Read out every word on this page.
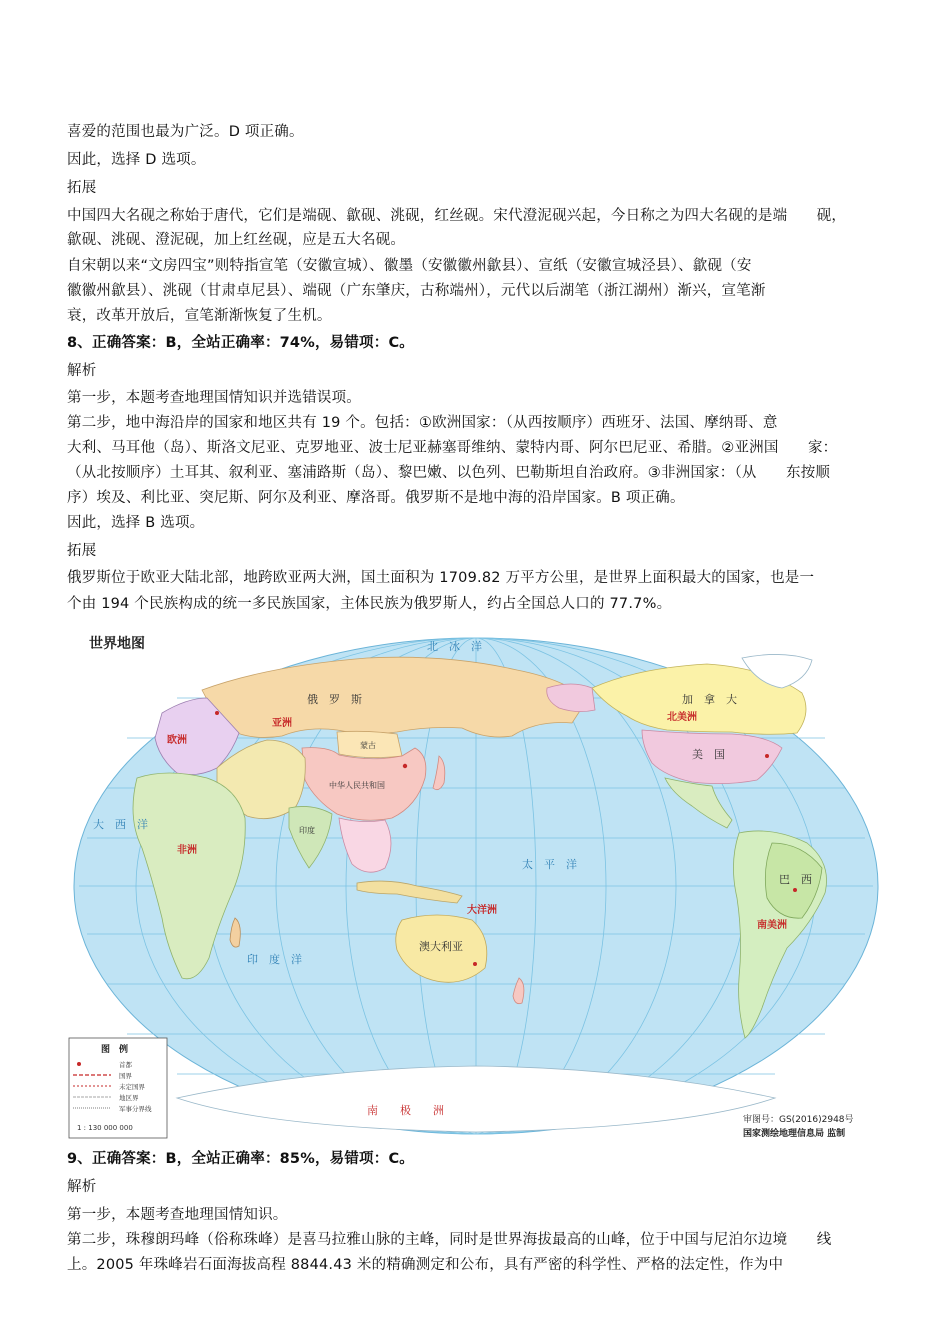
喜爱的范围也最为广泛。D 项正确。
因此，选择 D 选项。
拓展
中国四大名砚之称始于唐代，它们是端砚、歙砚、洮砚，红丝砚。宋代澄泥砚兴起，今日称之为四大名砚的是端　　砚，
歙砚、洮砚、澄泥砚，加上红丝砚，应是五大名砚。
自宋朝以来“文房四宝”则特指宣笔（安徽宣城）、徽墨（安徽徽州歙县）、宣纸（安徽宣城泾县）、歙砚（安
徽徽州歙县）、洮砚（甘肃卓尼县）、端砚（广东肇庆，古称端州），元代以后湖笔（浙江湖州）渐兴，宣笔渐
衰，改革开放后，宣笔渐渐恢复了生机。
8、正确答案：B，全站正确率：74%，易错项：C。
解析
第一步，本题考查地理国情知识并选错误项。
第二步，地中海沿岸的国家和地区共有 19 个。包括：①欧洲国家：（从西按顺序）西班牙、法国、摩纳哥、意
大利、马耳他（岛）、斯洛文尼亚、克罗地亚、波士尼亚赫塞哥维纳、蒙特内哥、阿尔巴尼亚、希腊。②亚洲国　　家：
（从北按顺序）土耳其、叙利亚、塞浦路斯（岛）、黎巴嫩、以色列、巴勒斯坦自治政府。③非洲国家：（从　　东按顺
序）埃及、利比亚、突尼斯、阿尔及利亚、摩洛哥。俄罗斯不是地中海的沿岸国家。B 项正确。
因此，选择 B 选项。
拓展
俄罗斯位于欧亚大陆北部，地跨欧亚两大洲，国土面积为 1709.82 万平方公里，是世界上面积最大的国家，也是一
个由 194 个民族构成的统一多民族国家，主体民族为俄罗斯人，约占全国总人口的 77.7%。
世界地图
俄　罗　斯
蒙古
中华人民共和国
印度
加　拿　大
美　国
巴　西
澳大利亚
南　　极　　洲
北　冰　洋
太　平　洋
大　西　洋
印　度　洋
亚洲
欧洲
非洲
北美洲
南美洲
大洋洲
图　例
首都
国界
未定国界
地区界
军事分界线
1 : 130 000 000
审图号：GS(2016)2948号
国家测绘地理信息局 监制
9、正确答案：B，全站正确率：85%，易错项：C。
解析
第一步，本题考查地理国情知识。
第二步，珠穆朗玛峰（俗称珠峰）是喜马拉雅山脉的主峰，同时是世界海拔最高的山峰，位于中国与尼泊尔边境　　线
上。2005 年珠峰岩石面海拔高程 8844.43 米的精确测定和公布，具有严密的科学性、严格的法定性，作为中
